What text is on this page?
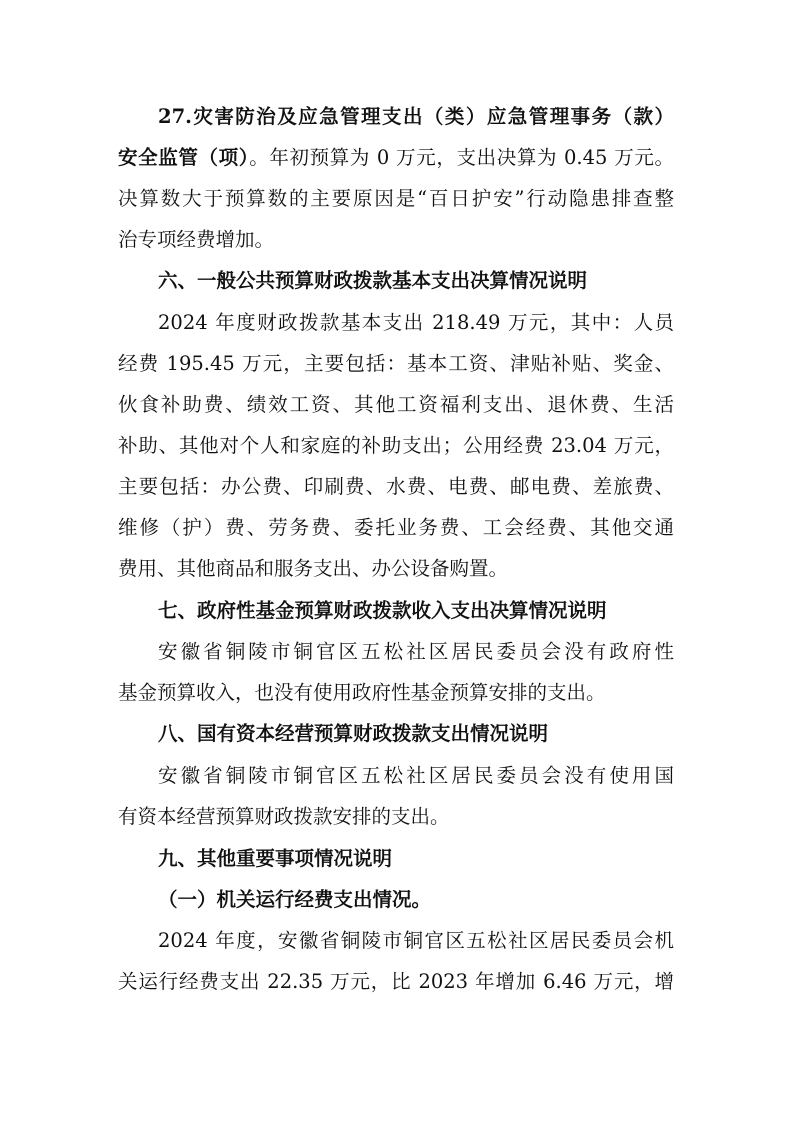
27.灾害防治及应急管理支出（类）应急管理事务（款）
安全监管（项）。年初预算为 0 万元，支出决算为 0.45 万元。
决算数大于预算数的主要原因是“百日护安”行动隐患排查整
治专项经费增加。
六、一般公共预算财政拨款基本支出决算情况说明
2024 年度财政拨款基本支出 218.49 万元，其中：人员
经费 195.45 万元，主要包括：基本工资、津贴补贴、奖金、
伙食补助费、绩效工资、其他工资福利支出、退休费、生活
补助、其他对个人和家庭的补助支出；公用经费 23.04 万元，
主要包括：办公费、印刷费、水费、电费、邮电费、差旅费、
维修（护）费、劳务费、委托业务费、工会经费、其他交通
费用、其他商品和服务支出、办公设备购置。
七、政府性基金预算财政拨款收入支出决算情况说明
安徽省铜陵市铜官区五松社区居民委员会没有政府性
基金预算收入，也没有使用政府性基金预算安排的支出。
八、国有资本经营预算财政拨款支出情况说明
安徽省铜陵市铜官区五松社区居民委员会没有使用国
有资本经营预算财政拨款安排的支出。
九、其他重要事项情况说明
（一）机关运行经费支出情况。
2024 年度，安徽省铜陵市铜官区五松社区居民委员会机
关运行经费支出 22.35 万元，比 2023 年增加 6.46 万元，增
